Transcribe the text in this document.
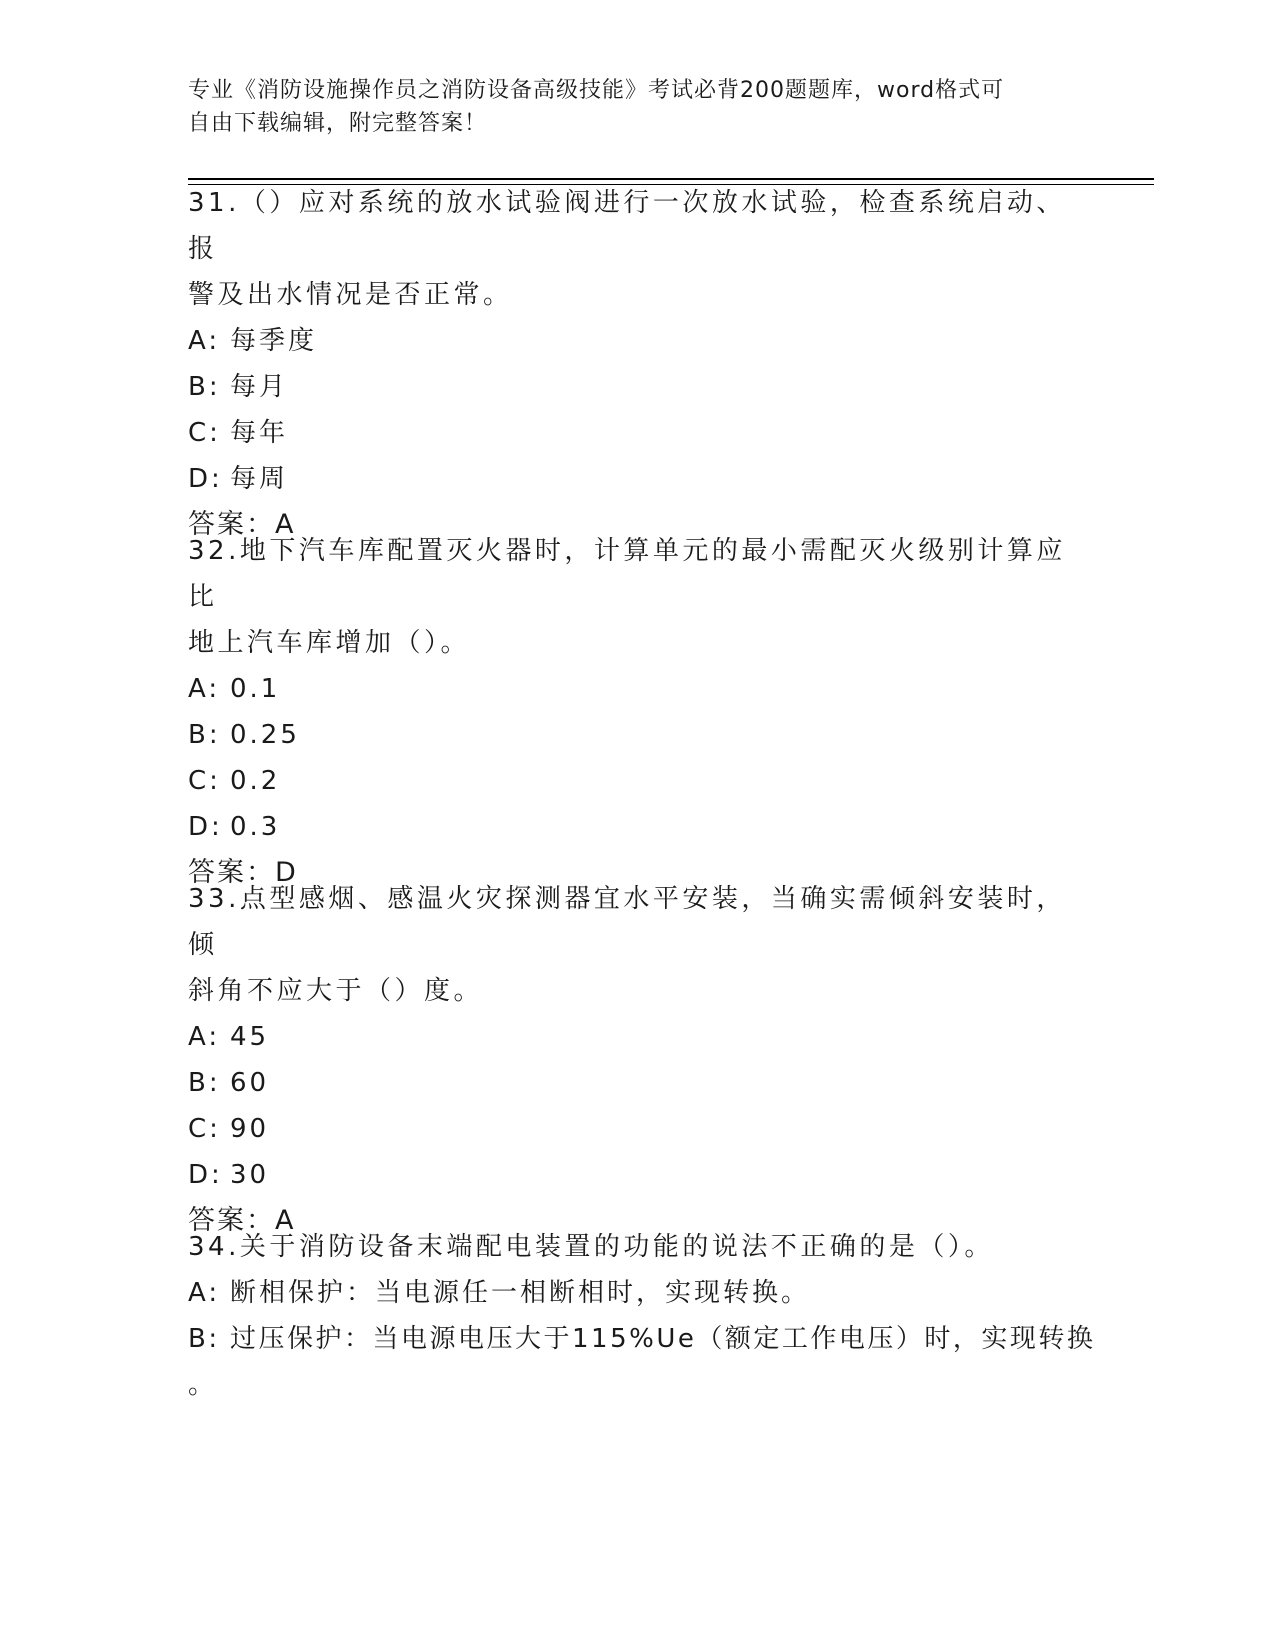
专业《消防设施操作员之消防设备高级技能》考试必背200题题库，word格式可
自由下载编辑，附完整答案！
31.（）应对系统的放水试验阀进行一次放水试验，检查系统启动、报
警及出水情况是否正常。
A: 每季度
B: 每月
C: 每年
D: 每周
答案：A
32.地下汽车库配置灭火器时，计算单元的最小需配灭火级别计算应比
地上汽车库增加（）。
A: 0.1
B: 0.25
C: 0.2
D: 0.3
答案：D
33.点型感烟、感温火灾探测器宜水平安装，当确实需倾斜安装时，倾
斜角不应大于（）度。
A: 45
B: 60
C: 90
D: 30
答案：A
34.关于消防设备末端配电装置的功能的说法不正确的是（）。
A: 断相保护：当电源任一相断相时，实现转换。
B: 过压保护：当电源电压大于115%Ue（额定工作电压）时，实现转换
。
